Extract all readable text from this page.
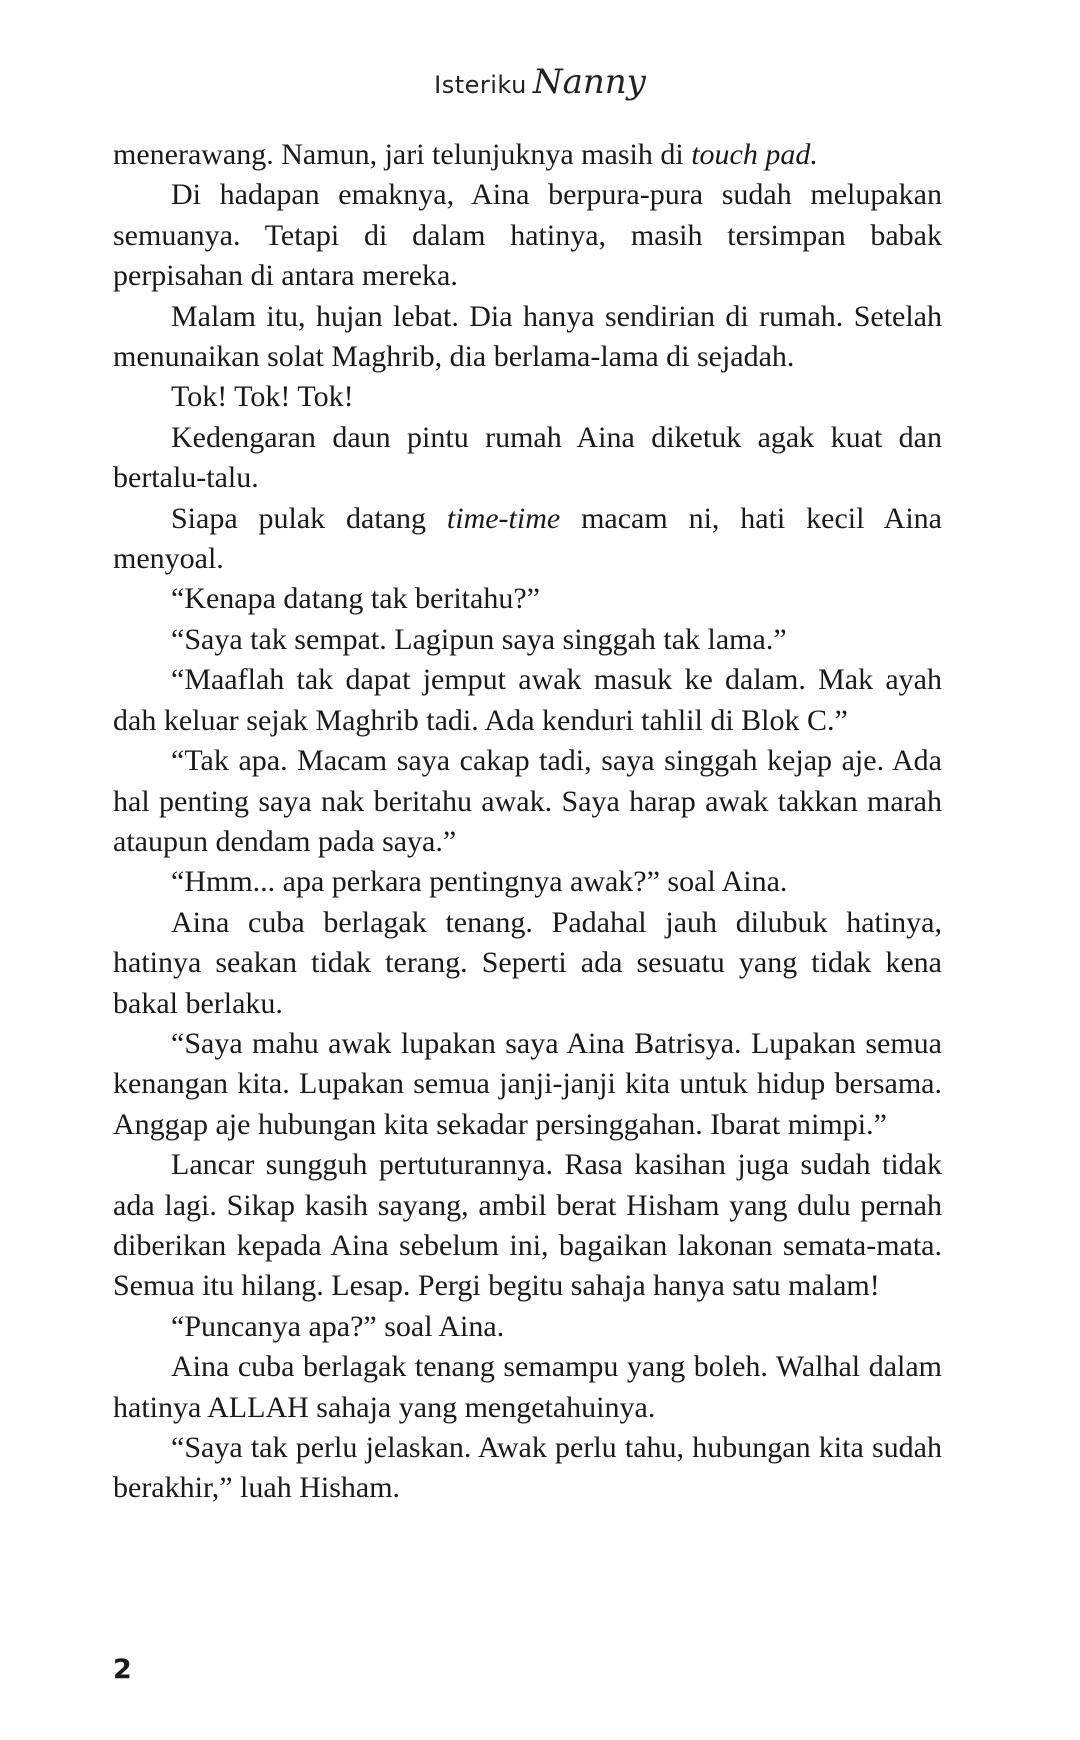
Isteriku Nanny

menerawang. Namun, jari telunjuknya masih di touch pad.

Di hadapan emaknya, Aina berpura-pura sudah melupakan semuanya. Tetapi di dalam hatinya, masih tersimpan babak perpisahan di antara mereka.

Malam itu, hujan lebat. Dia hanya sendirian di rumah. Setelah menunaikan solat Maghrib, dia berlama-lama di sejadah.

Tok! Tok! Tok!

Kedengaran daun pintu rumah Aina diketuk agak kuat dan bertalu-talu.

Siapa pulak datang time-time macam ni, hati kecil Aina menyoal.

“Kenapa datang tak beritahu?”

“Saya tak sempat. Lagipun saya singgah tak lama.”

“Maaflah tak dapat jemput awak masuk ke dalam. Mak ayah dah keluar sejak Maghrib tadi. Ada kenduri tahlil di Blok C.”

“Tak apa. Macam saya cakap tadi, saya singgah kejap aje. Ada hal penting saya nak beritahu awak. Saya harap awak takkan marah ataupun dendam pada saya.”

“Hmm... apa perkara pentingnya awak?” soal Aina.

Aina cuba berlagak tenang. Padahal jauh dilubuk hatinya, hatinya seakan tidak terang. Seperti ada sesuatu yang tidak kena bakal berlaku.

“Saya mahu awak lupakan saya Aina Batrisya. Lupakan semua kenangan kita. Lupakan semua janji-janji kita untuk hidup bersama. Anggap aje hubungan kita sekadar persinggahan. Ibarat mimpi.”

Lancar sungguh pertuturannya. Rasa kasihan juga sudah tidak ada lagi. Sikap kasih sayang, ambil berat Hisham yang dulu pernah diberikan kepada Aina sebelum ini, bagaikan lakonan semata-mata. Semua itu hilang. Lesap. Pergi begitu sahaja hanya satu malam!

“Puncanya apa?” soal Aina.

Aina cuba berlagak tenang semampu yang boleh. Walhal dalam hatinya ALLAH sahaja yang mengetahuinya.

“Saya tak perlu jelaskan. Awak perlu tahu, hubungan kita sudah berakhir,” luah Hisham.

2
